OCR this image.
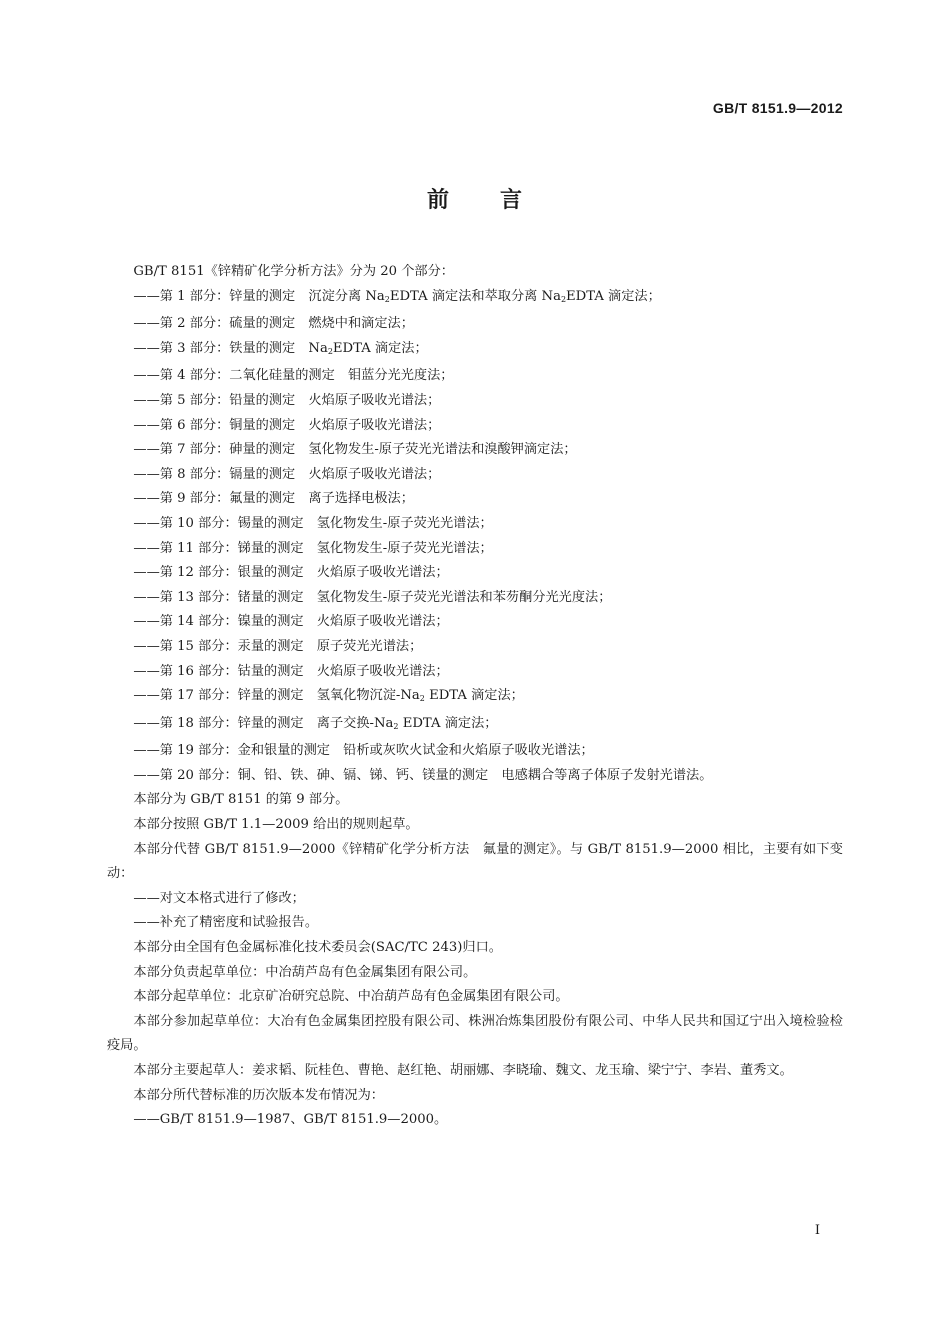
GB/T 8151.9—2012
前 言

GB/T 8151《锌精矿化学分析方法》分为 20 个部分：

——第 1 部分：锌量的测定　沉淀分离 $Na_2EDTA$ 滴定法和萃取分离 $Na_2EDTA$ 滴定法；

——第 2 部分：硫量的测定　燃烧中和滴定法；

——第 3 部分：铁量的测定　$Na_2EDTA$ 滴定法；

——第 4 部分：二氧化硅量的测定　钼蓝分光光度法；

——第 5 部分：铅量的测定　火焰原子吸收光谱法；

——第 6 部分：铜量的测定　火焰原子吸收光谱法；

——第 7 部分：砷量的测定　氢化物发生-原子荧光光谱法和溴酸钾滴定法；

——第 8 部分：镉量的测定　火焰原子吸收光谱法；

——第 9 部分：氟量的测定　离子选择电极法；

——第 10 部分：锡量的测定　氢化物发生-原子荧光光谱法；

——第 11 部分：锑量的测定　氢化物发生-原子荧光光谱法；

——第 12 部分：银量的测定　火焰原子吸收光谱法；

——第 13 部分：锗量的测定　氢化物发生-原子荧光光谱法和苯芴酮分光光度法；

——第 14 部分：镍量的测定　火焰原子吸收光谱法；

——第 15 部分：汞量的测定　原子荧光光谱法；

——第 16 部分：钴量的测定　火焰原子吸收光谱法；

——第 17 部分：锌量的测定　氢氧化物沉淀$-Na_2$ EDTA 滴定法；

——第 18 部分：锌量的测定　离子交换$-Na_2$ EDTA 滴定法；

——第 19 部分：金和银量的测定　铅析或灰吹火试金和火焰原子吸收光谱法；

——第 20 部分：铜、铅、铁、砷、镉、锑、钙、镁量的测定　电感耦合等离子体原子发射光谱法。

本部分为 GB/T 8151 的第 9 部分。

本部分按照 GB/T 1.1—2009 给出的规则起草。

本部分代替 GB/T 8151.9—2000《锌精矿化学分析方法　氟量的测定》。与 GB/T 8151.9—2000 相比，主要有如下变动：

——对文本格式进行了修改；

——补充了精密度和试验报告。

本部分由全国有色金属标准化技术委员会(SAC/TC 243)归口。

本部分负责起草单位：中冶葫芦岛有色金属集团有限公司。

本部分起草单位：北京矿冶研究总院、中冶葫芦岛有色金属集团有限公司。

本部分参加起草单位：大冶有色金属集团控股有限公司、株洲冶炼集团股份有限公司、中华人民共和国辽宁出入境检验检疫局。

本部分主要起草人：姜求韬、阮桂色、曹艳、赵红艳、胡丽娜、李晓瑜、魏文、龙玉瑜、梁宁宁、李岩、董秀文。

本部分所代替标准的历次版本发布情况为：

——GB/T 8151.9—1987、GB/T 8151.9—2000。

I
